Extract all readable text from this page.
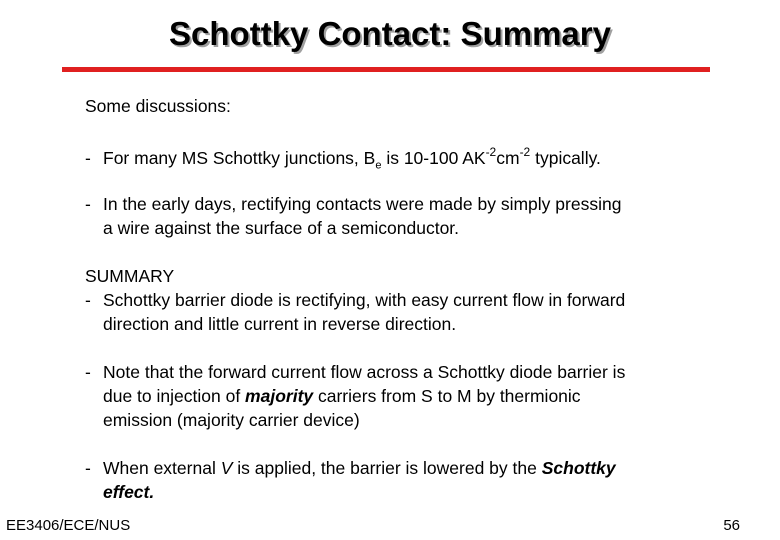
Schottky Contact: Summary
Some discussions:
- For many MS Schottky junctions, $B_e$ is 10-100 $AK^{-2}cm^{-2}$ typically.
- In the early days, rectifying contacts were made by simply pressing
a wire against the surface of a semiconductor.
SUMMARY
- Schottky barrier diode is rectifying, with easy current flow in forward
direction and little current in reverse direction.
- Note that the forward current flow across a Schottky diode barrier is
due to injection of majority carriers from S to M by thermionic
emission (majority carrier device)
- When external V is applied, the barrier is lowered by the Schottky
effect.
EE3406/ECE/NUS	56
